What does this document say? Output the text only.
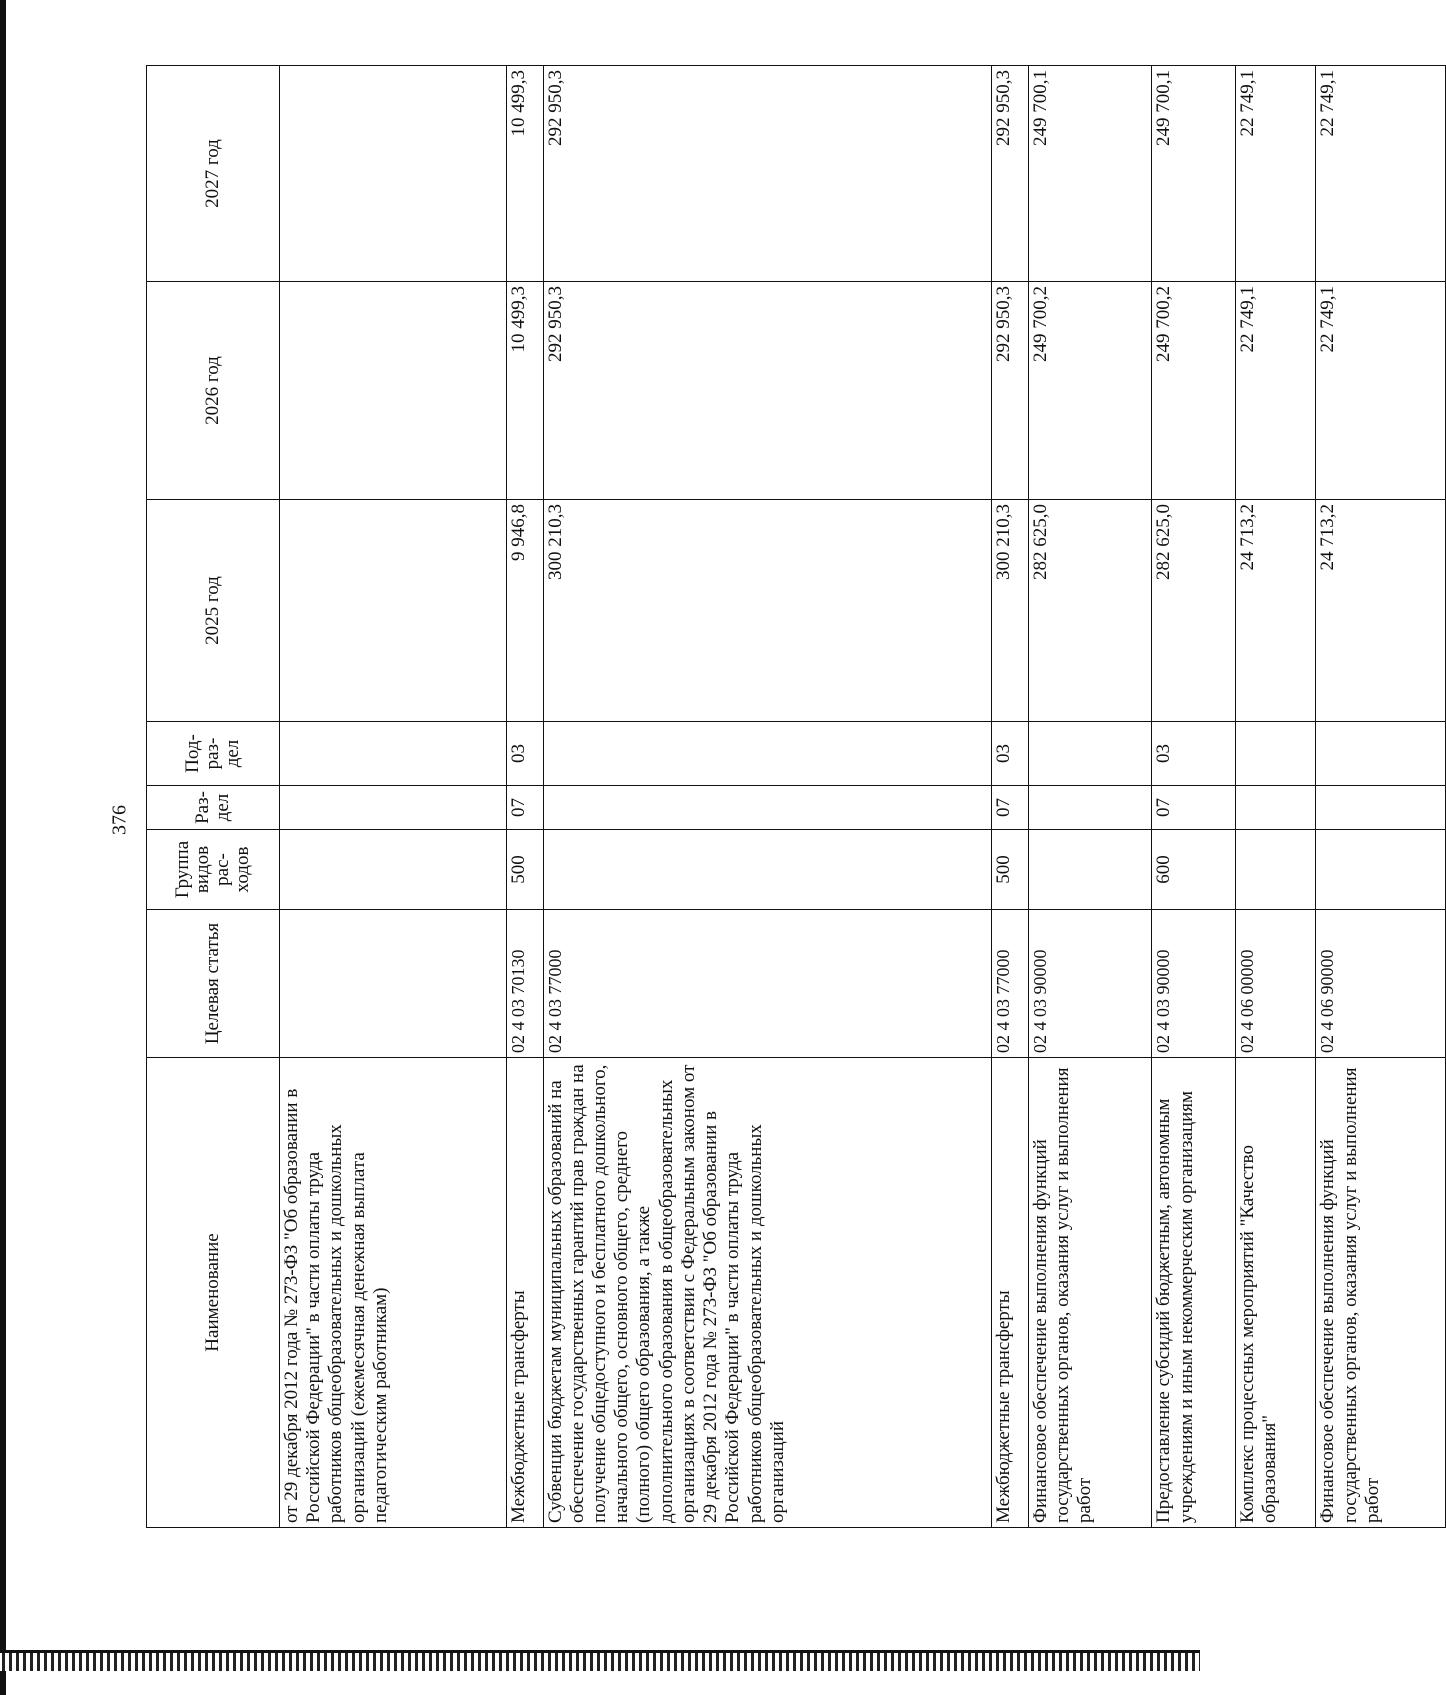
376
Наименование	Целевая статья	Группа видов рас-ходов	Раз-дел	Под-раз-дел	2025 год	2026 год	2027 год
от 29 декабря 2012 года № 273-ФЗ "Об образовании в Российской Федерации" в части оплаты труда работников общеобразовательных и дошкольных организаций (ежемесячная денежная выплата педагогическим работникам)							
Межбюджетные трансферты	02 4 03 70130	500	07	03	9 946,8	10 499,3	10 499,3
Субвенции бюджетам муниципальных образований на обеспечение государственных гарантий прав граждан на получение общедоступного и бесплатного дошкольного, начального общего, основного общего, среднего (полного) общего образования, а также дополнительного образования в общеобразовательных организациях в соответствии с Федеральным законом от 29 декабря 2012 года № 273-ФЗ "Об образовании в Российской Федерации" в части оплаты труда работников общеобразовательных и дошкольных организаций	02 4 03 77000				300 210,3	292 950,3	292 950,3
Межбюджетные трансферты	02 4 03 77000	500	07	03	300 210,3	292 950,3	292 950,3
Финансовое обеспечение выполнения функций государственных органов, оказания услуг и выполнения работ	02 4 03 90000				282 625,0	249 700,2	249 700,1
Предоставление субсидий бюджетным, автономным учреждениям и иным некоммерческим организациям	02 4 03 90000	600	07	03	282 625,0	249 700,2	249 700,1
Комплекс процессных мероприятий "Качество образования"	02 4 06 00000				24 713,2	22 749,1	22 749,1
Финансовое обеспечение выполнения функций государственных органов, оказания услуг и выполнения работ	02 4 06 90000				24 713,2	22 749,1	22 749,1
